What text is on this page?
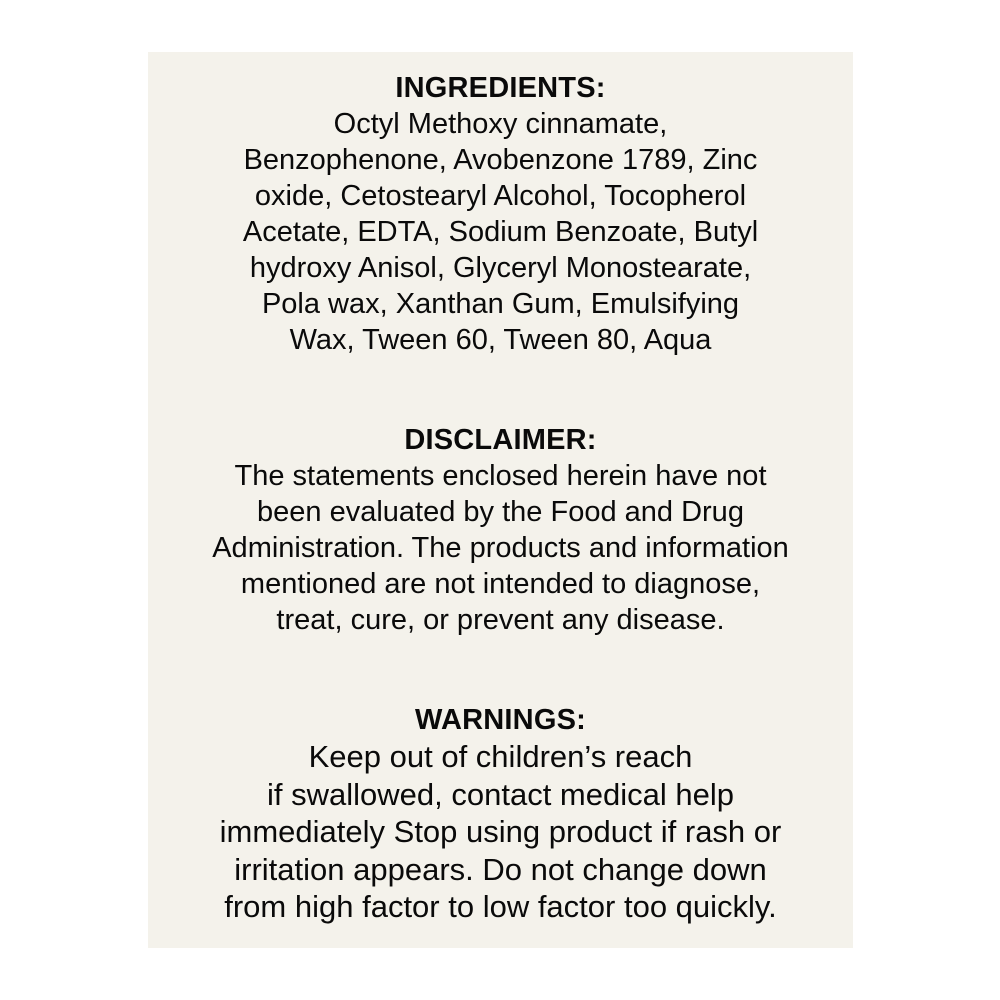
INGREDIENTS:
Octyl Methoxy cinnamate,
Benzophenone, Avobenzone 1789, Zinc
oxide, Cetostearyl Alcohol, Tocopherol
Acetate, EDTA, Sodium Benzoate, Butyl
hydroxy Anisol, Glyceryl Monostearate,
Pola wax, Xanthan Gum, Emulsifying
Wax, Tween 60, Tween 80, Aqua
DISCLAIMER:
The statements enclosed herein have not
been evaluated by the Food and Drug
Administration. The products and information
mentioned are not intended to diagnose,
treat, cure, or prevent any disease.
WARNINGS:
Keep out of children’s reach
if swallowed, contact medical help
immediately Stop using product if rash or
irritation appears. Do not change down
from high factor to low factor too quickly.
